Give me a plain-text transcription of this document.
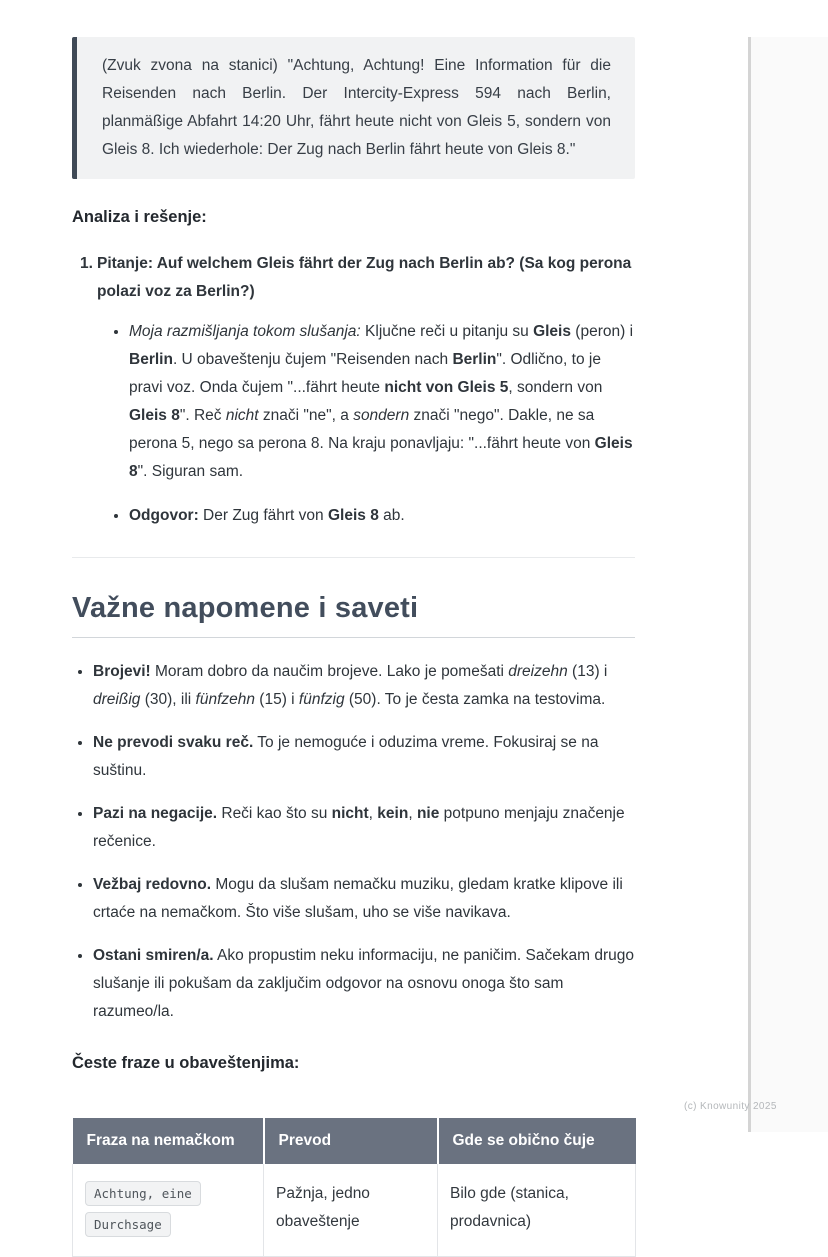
(Zvuk zvona na stanici) "Achtung, Achtung! Eine Information für die Reisenden nach Berlin. Der Intercity-Express 594 nach Berlin, planmäßige Abfahrt 14:20 Uhr, fährt heute nicht von Gleis 5, sondern von Gleis 8. Ich wiederhole: Der Zug nach Berlin fährt heute von Gleis 8."
Analiza i rešenje:
1. Pitanje: Auf welchem Gleis fährt der Zug nach Berlin ab? (Sa kog perona polazi voz za Berlin?)
• Moja razmišljanja tokom slušanja: Ključne reči u pitanju su Gleis (peron) i Berlin. U obaveštenju čujem "Reisenden nach Berlin". Odlično, to je pravi voz. Onda čujem "...fährt heute nicht von Gleis 5, sondern von Gleis 8". Reč nicht znači "ne", a sondern znači "nego". Dakle, ne sa perona 5, nego sa perona 8. Na kraju ponavljaju: "...fährt heute von Gleis 8". Siguran sam.
• Odgovor: Der Zug fährt von Gleis 8 ab.
Važne napomene i saveti
• Brojevi! Moram dobro da naučim brojeve. Lako je pomešati dreizehn (13) i dreißig (30), ili fünfzehn (15) i fünfzig (50). To je česta zamka na testovima.
• Ne prevodi svaku reč. To je nemoguće i oduzima vreme. Fokusiraj se na suštinu.
• Pazi na negacije. Reči kao što su nicht, kein, nie potpuno menjaju značenje rečenice.
• Vežbaj redovno. Mogu da slušam nemačku muziku, gledam kratke klipove ili crtaće na nemačkom. Što više slušam, uho se više navikava.
• Ostani smiren/a. Ako propustim neku informaciju, ne paničim. Sačekam drugo slušanje ili pokušam da zaključim odgovor na osnovu onoga što sam razumeo/la.
Česte fraze u obaveštenjima:
Fraza na nemačkom	Prevod	Gde se obično čuje
Achtung, eine
Durchsage	Pažnja, jedno obaveštenje	Bilo gde (stanica, prodavnica)
(c) Knowunity 2025
